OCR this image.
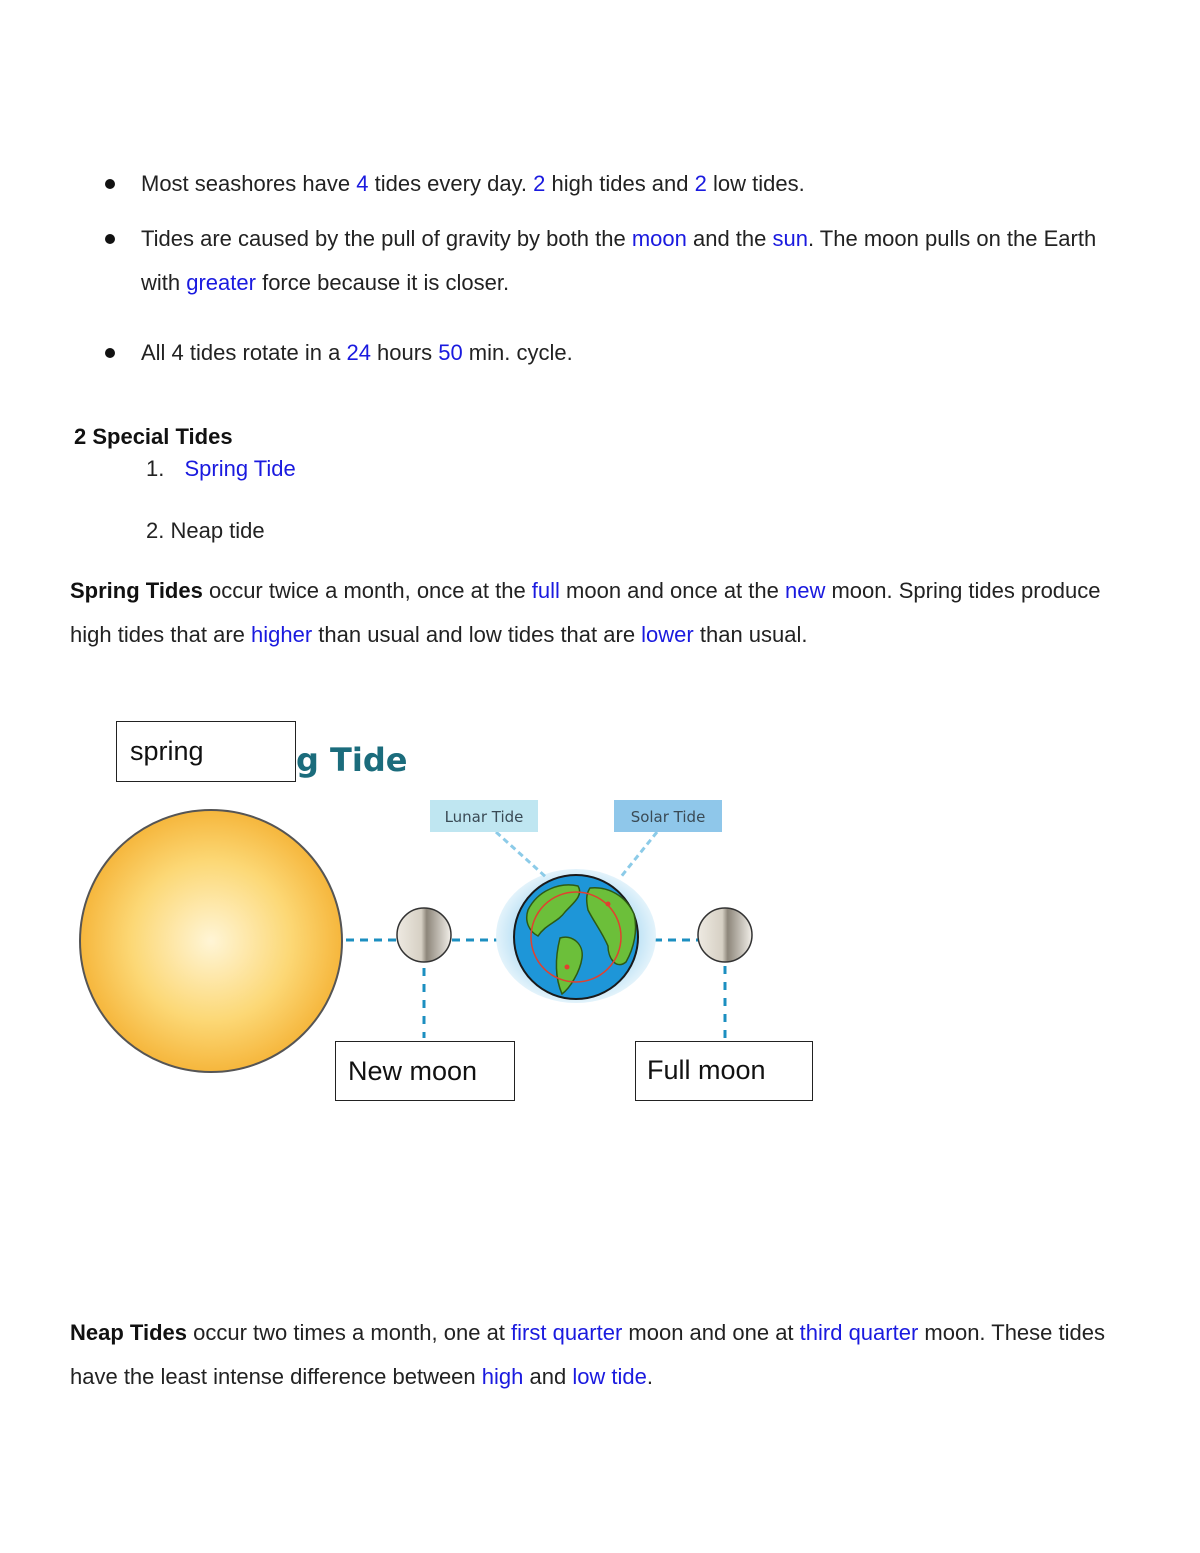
Most seashores have 4 tides every day. 2 high tides and 2 low tides.
Tides are caused by the pull of gravity by both the moon and the sun. The moon pulls on the Earth with greater force because it is closer.
All 4 tides rotate in a 24 hours 50 min. cycle.
2 Special Tides
1. Spring Tide
2. Neap tide
Spring Tides occur twice a month, once at the full moon and once at the new moon. Spring tides produce high tides that are higher than usual and low tides that are lower than usual.
g Tide
Lunar Tide	Solar Tide
spring
New moon	Full moon
Neap Tides occur two times a month, one at first quarter moon and one at third quarter moon. These tides have the least intense difference between high and low tide.
